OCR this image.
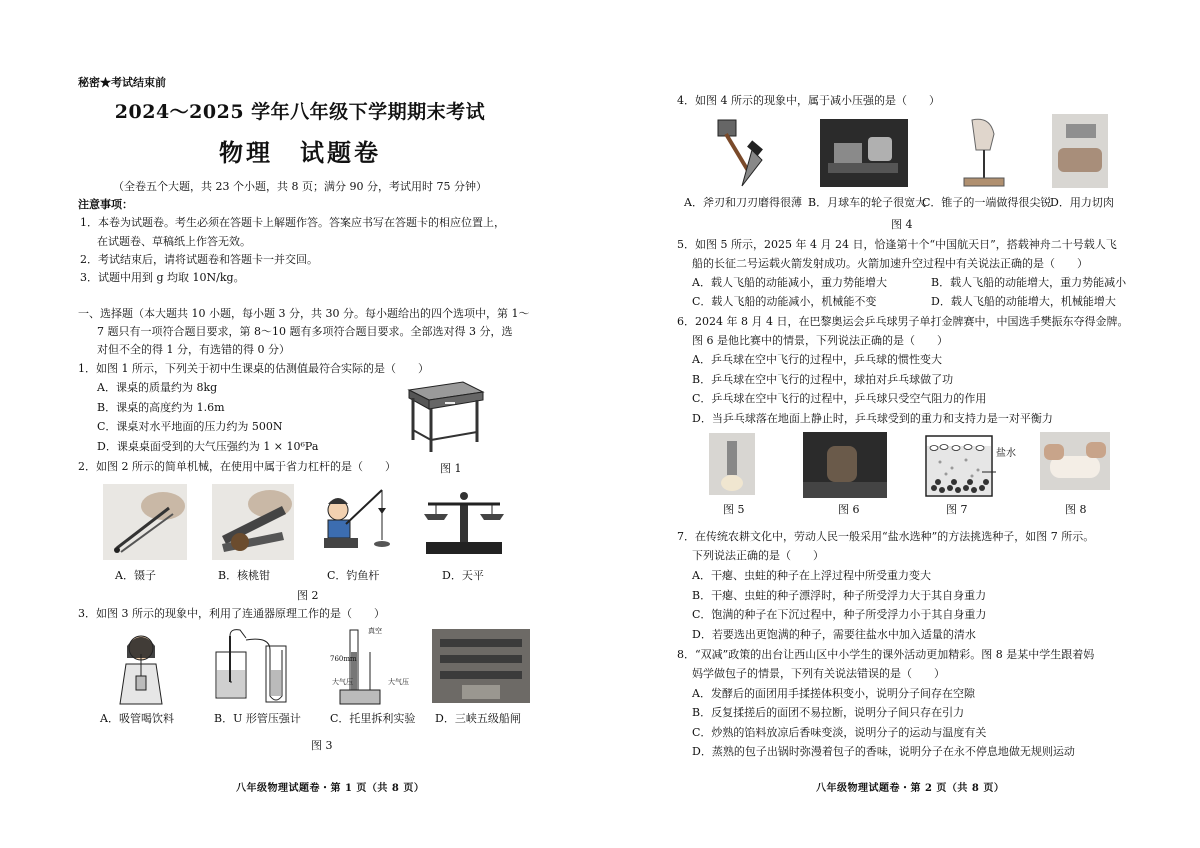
秘密★考试结束前
2024～2025 学年八年级下学期期末考试
物理　试题卷
（全卷五个大题，共 23 个小题，共 8 页；满分 90 分，考试用时 75 分钟）
注意事项：
1．本卷为试题卷。考生必须在答题卡上解题作答。答案应书写在答题卡的相应位置上，
在试题卷、草稿纸上作答无效。
2．考试结束后，请将试题卷和答题卡一并交回。
3．试题中用到 g 均取 10N/kg。
一、选择题（本大题共 10 小题，每小题 3 分，共 30 分。每小题给出的四个选项中，第 1～
7 题只有一项符合题目要求，第 8～10 题有多项符合题目要求。全部选对得 3 分，选
对但不全的得 1 分，有选错的得 0 分）
1．如图 1 所示，下列关于初中生课桌的估测值最符合实际的是（　　）
A．课桌的质量约为 8kg
B．课桌的高度约为 1.6m
C．课桌对水平地面的压力约为 500N
D．课桌桌面受到的大气压强约为 1 × 10⁶Pa
图 1
2．如图 2 所示的简单机械，在使用中属于省力杠杆的是（　　）
A．镊子	B．核桃钳	C．钓鱼杆	D．天平
图 2
3．如图 3 所示的现象中，利用了连通器原理工作的是（　　）
真空
760mm
大气压	大气压
A．吸管喝饮料	B．U 形管压强计	C．托里拆利实验 D．三峡五级船闸
图 3
八年级物理试题卷・第 1 页（共 8 页）
4．如图 4 所示的现象中，属于减小压强的是（　　）
A．斧刃和刀刃磨得很薄 B．月球车的轮子很宽大
C．锥子的一端做得很尖锐
D．用力切肉
图 4
5．如图 5 所示，2025 年 4 月 24 日，恰逢第十个“中国航天日”，搭载神舟二十号载人飞
船的长征二号运载火箭发射成功。火箭加速升空过程中有关说法正确的是（　　）
A．载人飞船的动能减小，重力势能增大	B．载人飞船的动能增大，重力势能减小
C．载人飞船的动能减小，机械能不变	D．载人飞船的动能增大，机械能增大
6．2024 年 8 月 4 日，在巴黎奥运会乒乓球男子单打金牌赛中，中国选手樊振东夺得金牌。
图 6 是他比赛中的情景，下列说法正确的是（　　）
A．乒乓球在空中飞行的过程中，乒乓球的惯性变大
B．乒乓球在空中飞行的过程中，球拍对乒乓球做了功
C．乒乓球在空中飞行的过程中，乒乓球只受空气阻力的作用
D．当乒乓球落在地面上静止时，乒乓球受到的重力和支持力是一对平衡力
盐水
图 5	图 6	图 7	图 8
7．在传统农耕文化中，劳动人民一般采用“盐水选种”的方法挑选种子，如图 7 所示。
下列说法正确的是（　　）
A．干瘪、虫蛀的种子在上浮过程中所受重力变大
B．干瘪、虫蛀的种子漂浮时，种子所受浮力大于其自身重力
C．饱满的种子在下沉过程中，种子所受浮力小于其自身重力
D．若要选出更饱满的种子，需要往盐水中加入适量的清水
8．“双减”政策的出台让西山区中小学生的课外活动更加精彩。图 8 是某中学生跟着妈
妈学做包子的情景，下列有关说法错误的是（　　）
A．发酵后的面团用手揉搓体积变小，说明分子间存在空隙
B．反复揉搓后的面团不易拉断，说明分子间只存在引力
C．炒熟的馅料放凉后香味变淡，说明分子的运动与温度有关
D．蒸熟的包子出锅时弥漫着包子的香味，说明分子在永不停息地做无规则运动
八年级物理试题卷・第 2 页（共 8 页）
